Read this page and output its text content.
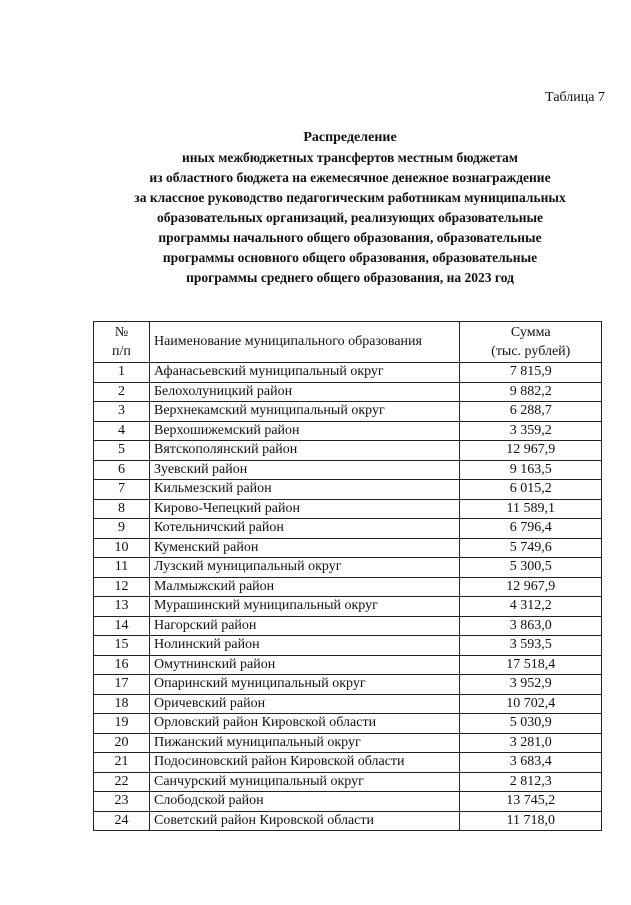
Таблица 7
Распределение
иных межбюджетных трансфертов местным бюджетам
из областного бюджета на ежемесячное денежное вознаграждение
за классное руководство педагогическим работникам муниципальных
образовательных организаций, реализующих образовательные
программы начального общего образования, образовательные
программы основного общего образования, образовательные
программы среднего общего образования, на 2023 год
№
п/п	Наименование муниципального образования	Сумма
(тыс. рублей)

1	Афанасьевский муниципальный округ	7 815,9
2	Белохолуницкий район	9 882,2
3	Верхнекамский муниципальный округ	6 288,7
4	Верхошижемский район	3 359,2
5	Вятскополянский район	12 967,9
6	Зуевский район	9 163,5
7	Кильмезский район	6 015,2
8	Кирово-Чепецкий район	11 589,1
9	Котельничский район	6 796,4
10	Куменский район	5 749,6
11	Лузский муниципальный округ	5 300,5
12	Малмыжский район	12 967,9
13	Мурашинский муниципальный округ	4 312,2
14	Нагорский район	3 863,0
15	Нолинский район	3 593,5
16	Омутнинский район	17 518,4
17	Опаринский муниципальный округ	3 952,9
18	Оричевский район	10 702,4
19	Орловский район Кировской области	5 030,9
20	Пижанский муниципальный округ	3 281,0
21	Подосиновский район Кировской области	3 683,4
22	Санчурский муниципальный округ	2 812,3
23	Слободской район	13 745,2
24	Советский район Кировской области	11 718,0
